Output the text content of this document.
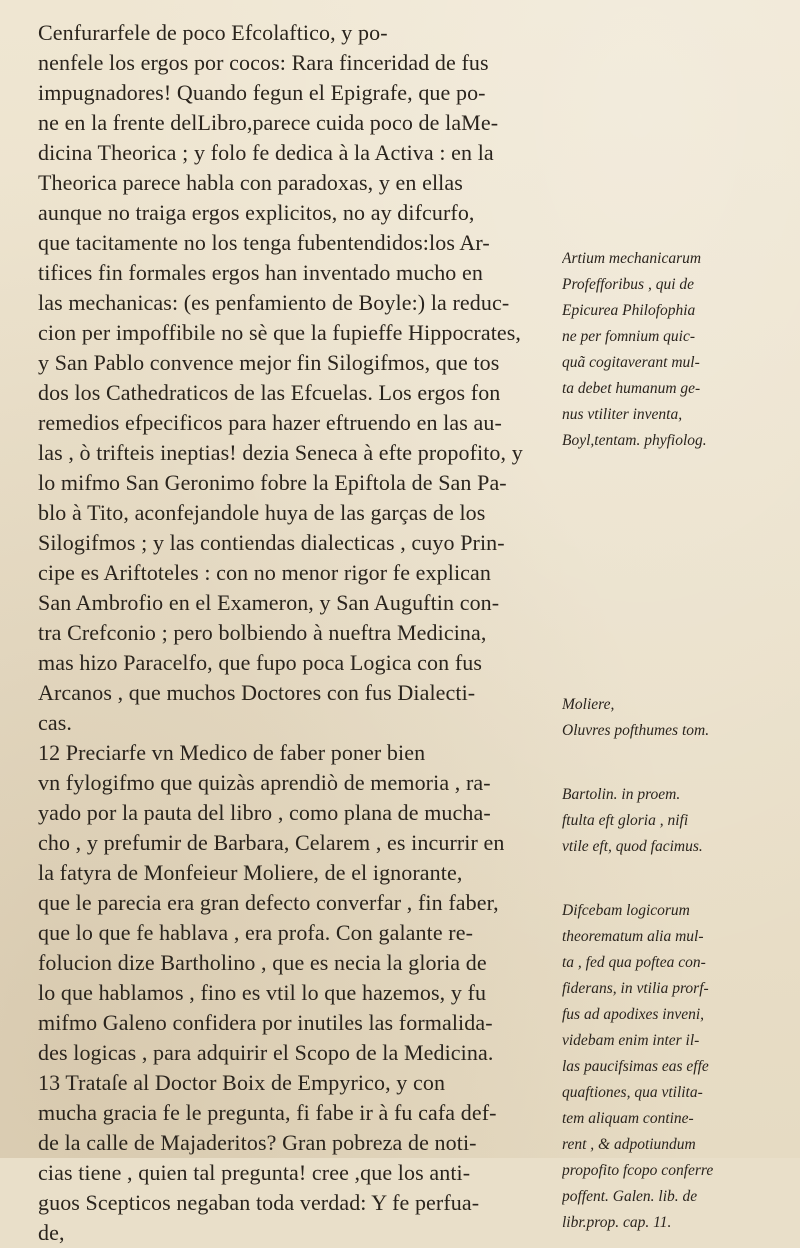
Cenfurarfele de poco Efcolaftico, y po-
nenfele los ergos por cocos: Rara finceridad de fus
impugnadores! Quando fegun el Epigrafe, que po-
ne en la frente delLibro,parece cuida poco de laMe-
dicina Theorica ; y folo fe dedica à la Activa : en la
Theorica parece habla con paradoxas, y en ellas
aunque no traiga ergos explicitos, no ay difcurfo,
que tacitamente no los tenga fubentendidos:los Ar-
tifices fin formales ergos han inventado mucho en
las mechanicas: (es penfamiento de Boyle:) la reduc-
cion per impoffibile no sè que la fupieffe Hippocrates,
y San Pablo convence mejor fin Silogifmos, que tos
dos los Cathedraticos de las Efcuelas. Los ergos fon
remedios efpecificos para hazer eftruendo en las au-
las , ò trifteis ineptias! dezia Seneca à efte propofito, y
lo mifmo San Geronimo fobre la Epiftola de San Pa-
blo à Tito, aconfejandole huya de las garças de los
Silogifmos ; y las contiendas dialecticas , cuyo Prin-
cipe es Ariftoteles : con no menor rigor fe explican
San Ambrofio en el Exameron, y San Auguftin con-
tra Crefconio ; pero bolbiendo à nueftra Medicina,
mas hizo Paracelfo, que fupo poca Logica con fus
Arcanos , que muchos Doctores con fus Dialecti-
cas.
12 Preciarfe vn Medico de faber poner bien
vn fylogifmo que quizàs aprendiò de memoria , ra-
yado por la pauta del libro , como plana de mucha-
cho , y prefumir de Barbara, Celarem , es incurrir en
la fatyra de Monfeieur Moliere, de el ignorante,
que le parecia era gran defecto converfar , fin faber,
que lo que fe hablava , era profa. Con galante re-
folucion dize Bartholino , que es necia la gloria de
lo que hablamos , fino es vtil lo que hazemos, y fu
mifmo Galeno confidera por inutiles las formalida-
des logicas , para adquirir el Scopo de la Medicina.
13 Trataſe al Doctor Boix de Empyrico, y con
mucha gracia fe le pregunta, fi fabe ir à fu cafa def-
de la calle de Majaderitos? Gran pobreza de noti-
cias tiene , quien tal pregunta! cree ,que los anti-
guos Scepticos negaban toda verdad: Y fe perfua-
de,
Artium mechanicarum
Profefforibus , qui de
Epicurea Philofophia
ne per fomnium quic-
quã cogitaverant mul-
ta debet humanum ge-
nus vtiliter inventa,
Boyl,tentam. phyfiolog.
Moliere,
Oluvres pofthumes tom.
Bartolin. in proem.
ftulta eft gloria , nifi
vtile eft, quod facimus.
Difcebam logicorum
theorematum alia mul-
ta , fed qua poftea con-
fiderans, in vtilia prorf-
fus ad apodixes inveni,
videbam enim inter il-
las paucifsimas eas effe
quaftiones, qua vtilita-
tem aliquam contine-
rent , & adpotiundum
propofito fcopo conferre
poffent. Galen. lib. de
libr.prop. cap. 11.
